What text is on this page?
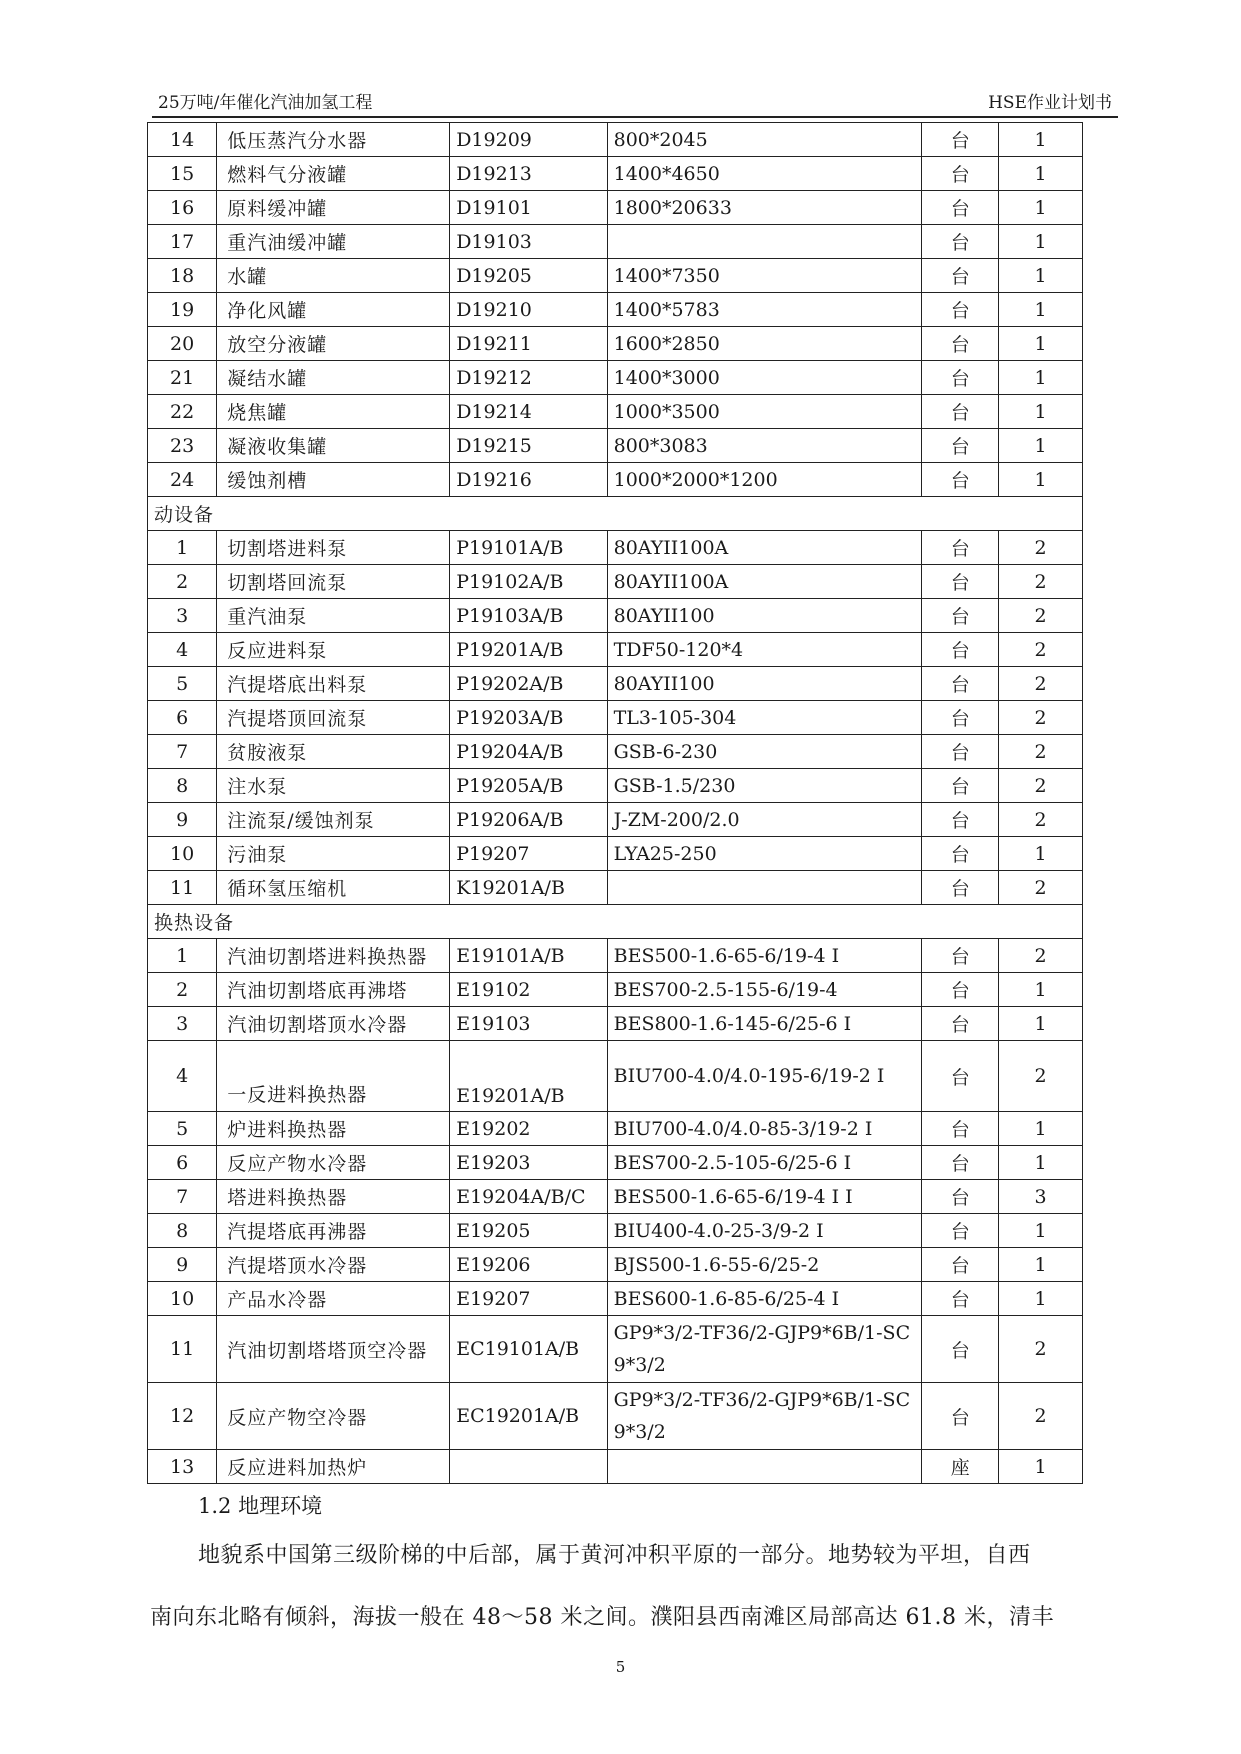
25万吨/年催化汽油加氢工程	HSE作业计划书
14	低压蒸汽分水器	D19209	800*2045	台	1
15	燃料气分液罐	D19213	1400*4650	台	1
16	原料缓冲罐	D19101	1800*20633	台	1
17	重汽油缓冲罐	D19103		台	1
18	水罐	D19205	1400*7350	台	1
19	净化风罐	D19210	1400*5783	台	1
20	放空分液罐	D19211	1600*2850	台	1
21	凝结水罐	D19212	1400*3000	台	1
22	烧焦罐	D19214	1000*3500	台	1
23	凝液收集罐	D19215	800*3083	台	1
24	缓蚀剂槽	D19216	1000*2000*1200	台	1
动设备					
1	切割塔进料泵	P19101A/B	80AYII100A	台	2
2	切割塔回流泵	P19102A/B	80AYII100A	台	2
3	重汽油泵	P19103A/B	80AYII100	台	2
4	反应进料泵	P19201A/B	TDF50-120*4	台	2
5	汽提塔底出料泵	P19202A/B	80AYII100	台	2
6	汽提塔顶回流泵	P19203A/B	TL3-105-304	台	2
7	贫胺液泵	P19204A/B	GSB-6-230	台	2
8	注水泵	P19205A/B	GSB-1.5/230	台	2
9	注流泵/缓蚀剂泵	P19206A/B	J-ZM-200/2.0	台	2
10	污油泵	P19207	LYA25-250	台	1
11	循环氢压缩机	K19201A/B		台	2
换热设备					
1	汽油切割塔进料换热器	E19101A/B	BES500-1.6-65-6/19-4 I	台	2
2	汽油切割塔底再沸塔	E19102	BES700-2.5-155-6/19-4	台	1
3	汽油切割塔顶水冷器	E19103	BES800-1.6-145-6/25-6 I	台	1
4	一反进料换热器	E19201A/B	BIU700-4.0/4.0-195-6/19-2 I	台	2
5	炉进料换热器	E19202	BIU700-4.0/4.0-85-3/19-2 I	台	1
6	反应产物水冷器	E19203	BES700-2.5-105-6/25-6 I	台	1
7	塔进料换热器	E19204A/B/C	BES500-1.6-65-6/19-4 I I	台	3
8	汽提塔底再沸器	E19205	BIU400-4.0-25-3/9-2 I	台	1
9	汽提塔顶水冷器	E19206	BJS500-1.6-55-6/25-2	台	1
10	产品水冷器	E19207	BES600-1.6-85-6/25-4 I	台	1
11	汽油切割塔塔顶空冷器	EC19101A/B	GP9*3/2-TF36/2-GJP9*6B/1-SC9*3/2	台	2
12	反应产物空冷器	EC19201A/B	GP9*3/2-TF36/2-GJP9*6B/1-SC9*3/2	台	2
13	反应进料加热炉			座	1
1.2 地理环境
地貌系中国第三级阶梯的中后部，属于黄河冲积平原的一部分。地势较为平坦，自西
南向东北略有倾斜，海拔一般在 48～58 米之间。濮阳县西南滩区局部高达 61.8 米，清丰
5
